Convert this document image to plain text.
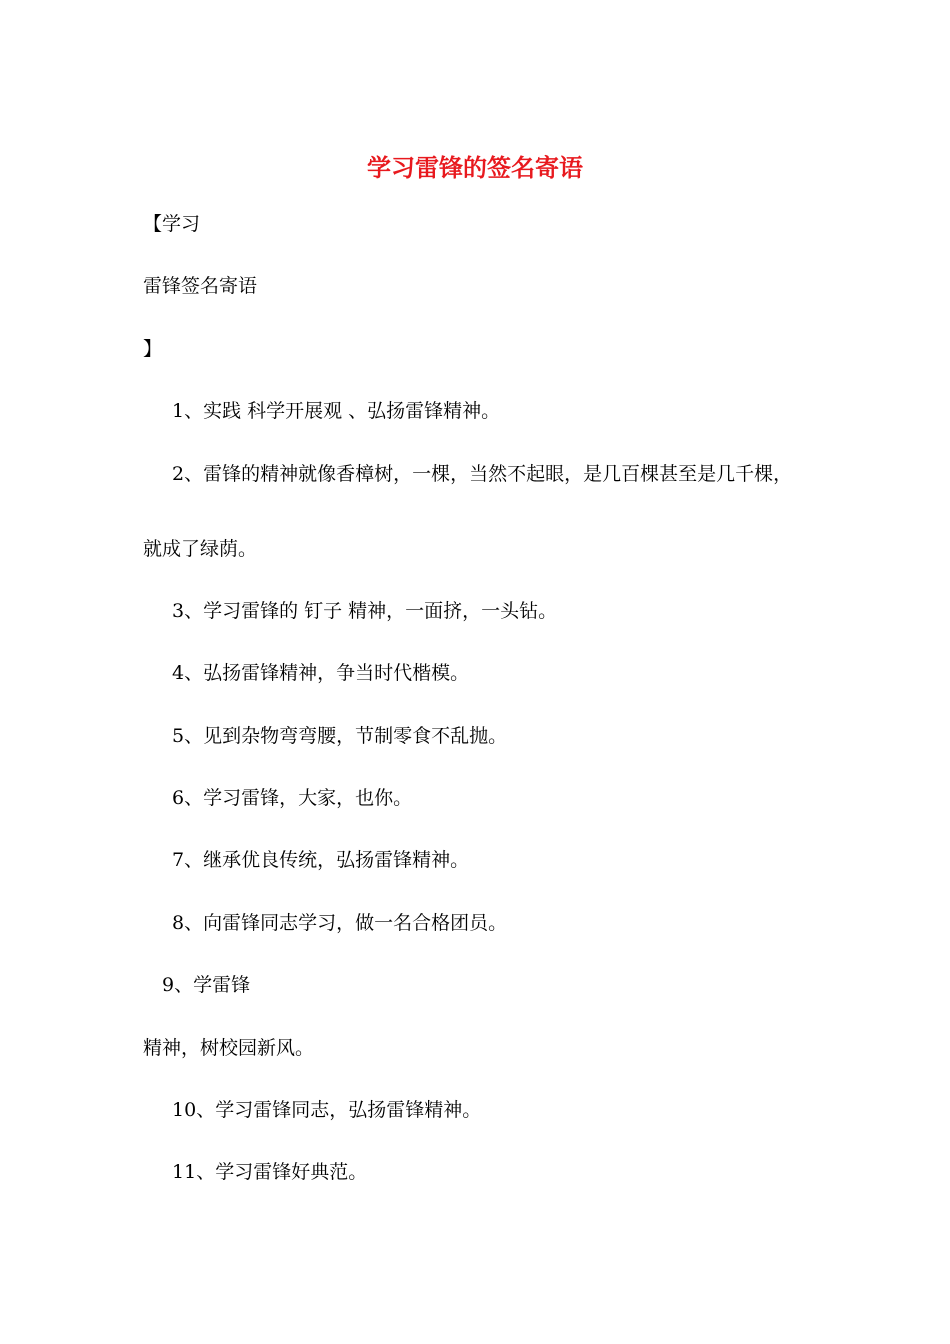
学习雷锋的签名寄语
【学习
雷锋签名寄语
】
1、实践 科学开展观 、弘扬雷锋精神。
2、雷锋的精神就像香樟树，一棵，当然不起眼，是几百棵甚至是几千棵，
就成了绿荫。
3、学习雷锋的 钉子 精神，一面挤，一头钻。
4、弘扬雷锋精神，争当时代楷模。
5、见到杂物弯弯腰，节制零食不乱抛。
6、学习雷锋，大家，也你。
7、继承优良传统，弘扬雷锋精神。
8、向雷锋同志学习，做一名合格团员。
9、学雷锋
精神，树校园新风。
10、学习雷锋同志，弘扬雷锋精神。
11、学习雷锋好典范。
